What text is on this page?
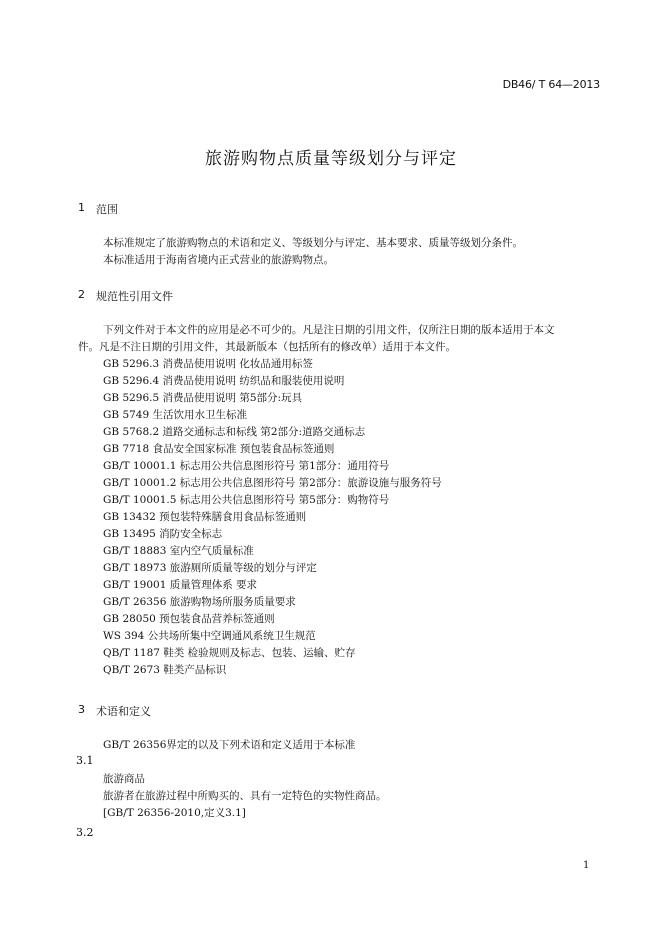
DB46/ T 64—2013
旅游购物点质量等级划分与评定
1 范围
本标准规定了旅游购物点的术语和定义、等级划分与评定、基本要求、质量等级划分条件。
本标准适用于海南省境内正式营业的旅游购物点。
2 规范性引用文件
下列文件对于本文件的应用是必不可少的。凡是注日期的引用文件，仅所注日期的版本适用于本文
件。凡是不注日期的引用文件，其最新版本（包括所有的修改单）适用于本文件。
GB 5296.3 消费品使用说明 化妆品通用标签
GB 5296.4 消费品使用说明 纺织品和服装使用说明
GB 5296.5 消费品使用说明 第5部分:玩具
GB 5749 生活饮用水卫生标准
GB 5768.2 道路交通标志和标线 第2部分:道路交通标志
GB 7718 食品安全国家标准 预包装食品标签通则
GB/T 10001.1 标志用公共信息图形符号 第1部分：通用符号
GB/T 10001.2 标志用公共信息图形符号 第2部分：旅游设施与服务符号
GB/T 10001.5 标志用公共信息图形符号 第5部分：购物符号
GB 13432 预包装特殊膳食用食品标签通则
GB 13495 消防安全标志
GB/T 18883 室内空气质量标准
GB/T 18973 旅游厕所质量等级的划分与评定
GB/T 19001 质量管理体系 要求
GB/T 26356 旅游购物场所服务质量要求
GB 28050 预包装食品营养标签通则
WS 394 公共场所集中空调通风系统卫生规范
QB/T 1187 鞋类 检验规则及标志、包装、运输、贮存
QB/T 2673 鞋类产品标识
3 术语和定义
GB/T 26356界定的以及下列术语和定义适用于本标准
3.1
旅游商品
旅游者在旅游过程中所购买的、具有一定特色的实物性商品。
[GB/T 26356-2010,定义3.1]
3.2
1
